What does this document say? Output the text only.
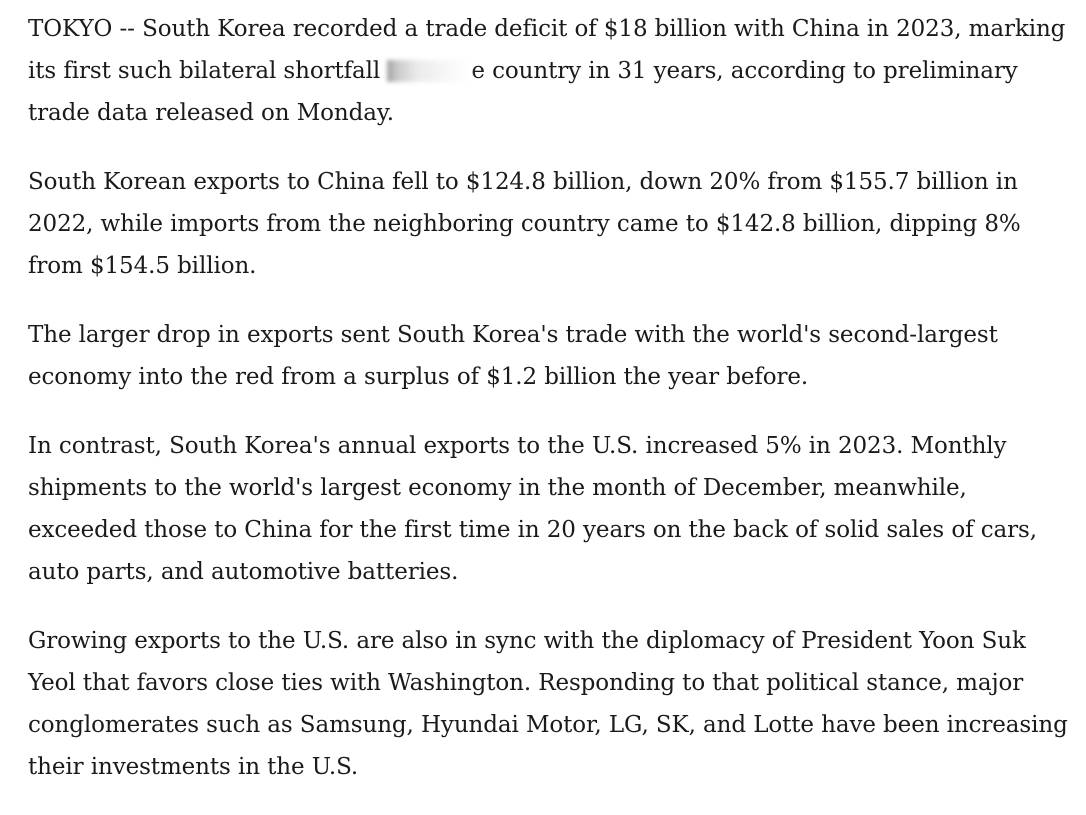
TOKYO -- South Korea recorded a trade deficit of $18 billion with China in 2023, marking its first such bilateral shortfall	e country in 31 years, according to preliminary trade data released on Monday.

South Korean exports to China fell to $124.8 billion, down 20% from $155.7 billion in 2022, while imports from the neighboring country came to $142.8 billion, dipping 8% from $154.5 billion.

The larger drop in exports sent South Korea's trade with the world's second-largest economy into the red from a surplus of $1.2 billion the year before.

In contrast, South Korea's annual exports to the U.S. increased 5% in 2023. Monthly shipments to the world's largest economy in the month of December, meanwhile, exceeded those to China for the first time in 20 years on the back of solid sales of cars, auto parts, and automotive batteries.

Growing exports to the U.S. are also in sync with the diplomacy of President Yoon Suk Yeol that favors close ties with Washington. Responding to that political stance, major conglomerates such as Samsung, Hyundai Motor, LG, SK, and Lotte have been increasing their investments in the U.S.
